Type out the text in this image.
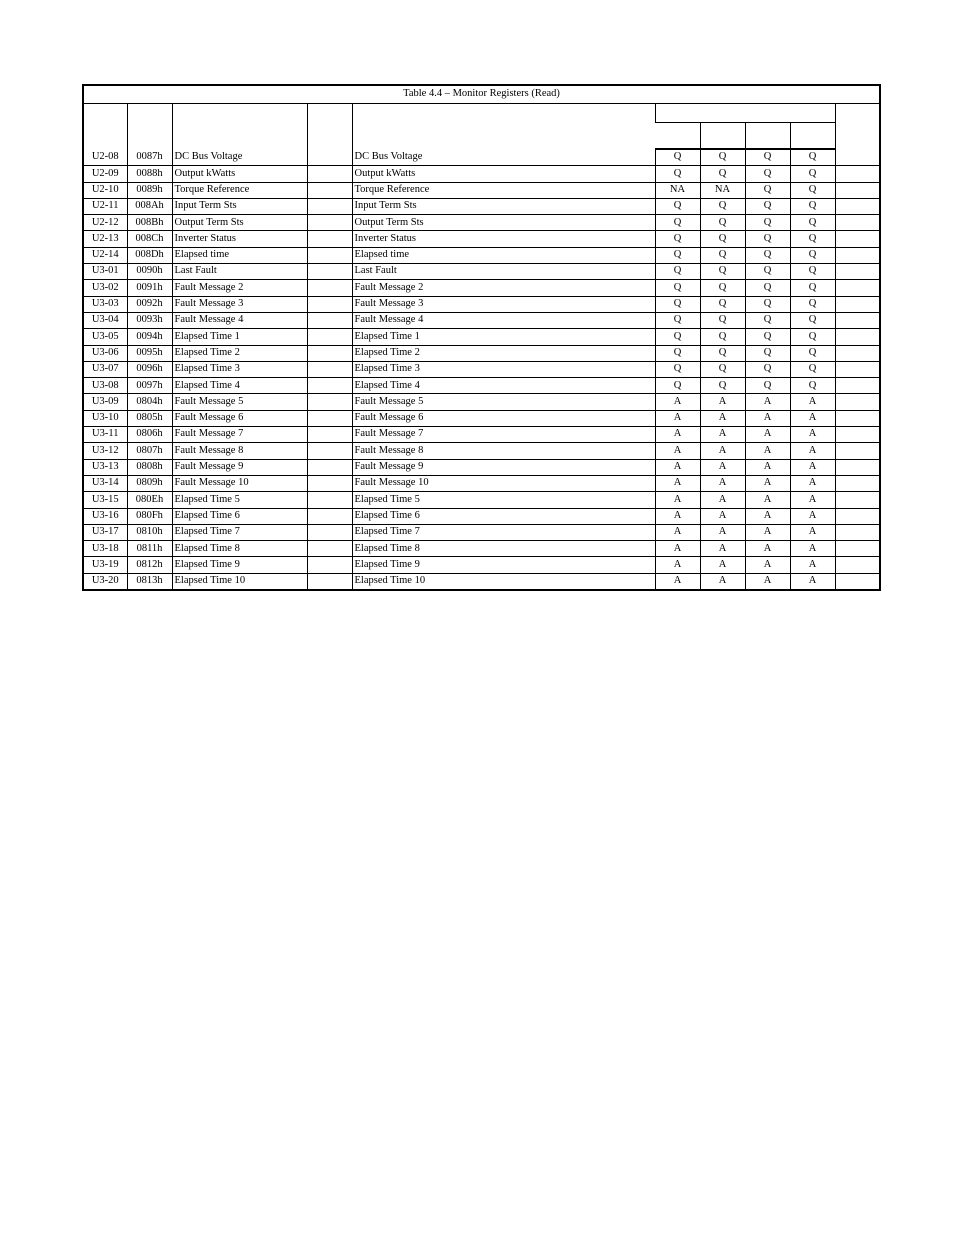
Table 4.4 – Monitor Registers (Read)									

U2-08	0087h	DC Bus Voltage		DC Bus Voltage	Q	Q	Q	Q	
U2-09	0088h	Output kWatts		Output kWatts	Q	Q	Q	Q	
U2-10	0089h	Torque Reference		Torque Reference	NA	NA	Q	Q	
U2-11	008Ah	Input Term Sts		Input Term Sts	Q	Q	Q	Q	
U2-12	008Bh	Output Term Sts		Output Term Sts	Q	Q	Q	Q	
U2-13	008Ch	Inverter Status		Inverter Status	Q	Q	Q	Q	
U2-14	008Dh	Elapsed time		Elapsed time	Q	Q	Q	Q	
U3-01	0090h	Last Fault		Last Fault	Q	Q	Q	Q	
U3-02	0091h	Fault Message 2		Fault Message 2	Q	Q	Q	Q	
U3-03	0092h	Fault Message 3		Fault Message 3	Q	Q	Q	Q	
U3-04	0093h	Fault Message 4		Fault Message 4	Q	Q	Q	Q	
U3-05	0094h	Elapsed Time 1		Elapsed Time 1	Q	Q	Q	Q	
U3-06	0095h	Elapsed Time 2		Elapsed Time 2	Q	Q	Q	Q	
U3-07	0096h	Elapsed Time 3		Elapsed Time 3	Q	Q	Q	Q	
U3-08	0097h	Elapsed Time 4		Elapsed Time 4	Q	Q	Q	Q	
U3-09	0804h	Fault Message 5		Fault Message 5	A	A	A	A	
U3-10	0805h	Fault Message 6		Fault Message 6	A	A	A	A	
U3-11	0806h	Fault Message 7		Fault Message 7	A	A	A	A	
U3-12	0807h	Fault Message 8		Fault Message 8	A	A	A	A	
U3-13	0808h	Fault Message 9		Fault Message 9	A	A	A	A	
U3-14	0809h	Fault Message 10		Fault Message 10	A	A	A	A	
U3-15	080Eh	Elapsed Time 5		Elapsed Time 5	A	A	A	A	
U3-16	080Fh	Elapsed Time 6		Elapsed Time 6	A	A	A	A	
U3-17	0810h	Elapsed Time 7		Elapsed Time 7	A	A	A	A	
U3-18	0811h	Elapsed Time 8		Elapsed Time 8	A	A	A	A	
U3-19	0812h	Elapsed Time 9		Elapsed Time 9	A	A	A	A	
U3-20	0813h	Elapsed Time 10		Elapsed Time 10	A	A	A	A	
